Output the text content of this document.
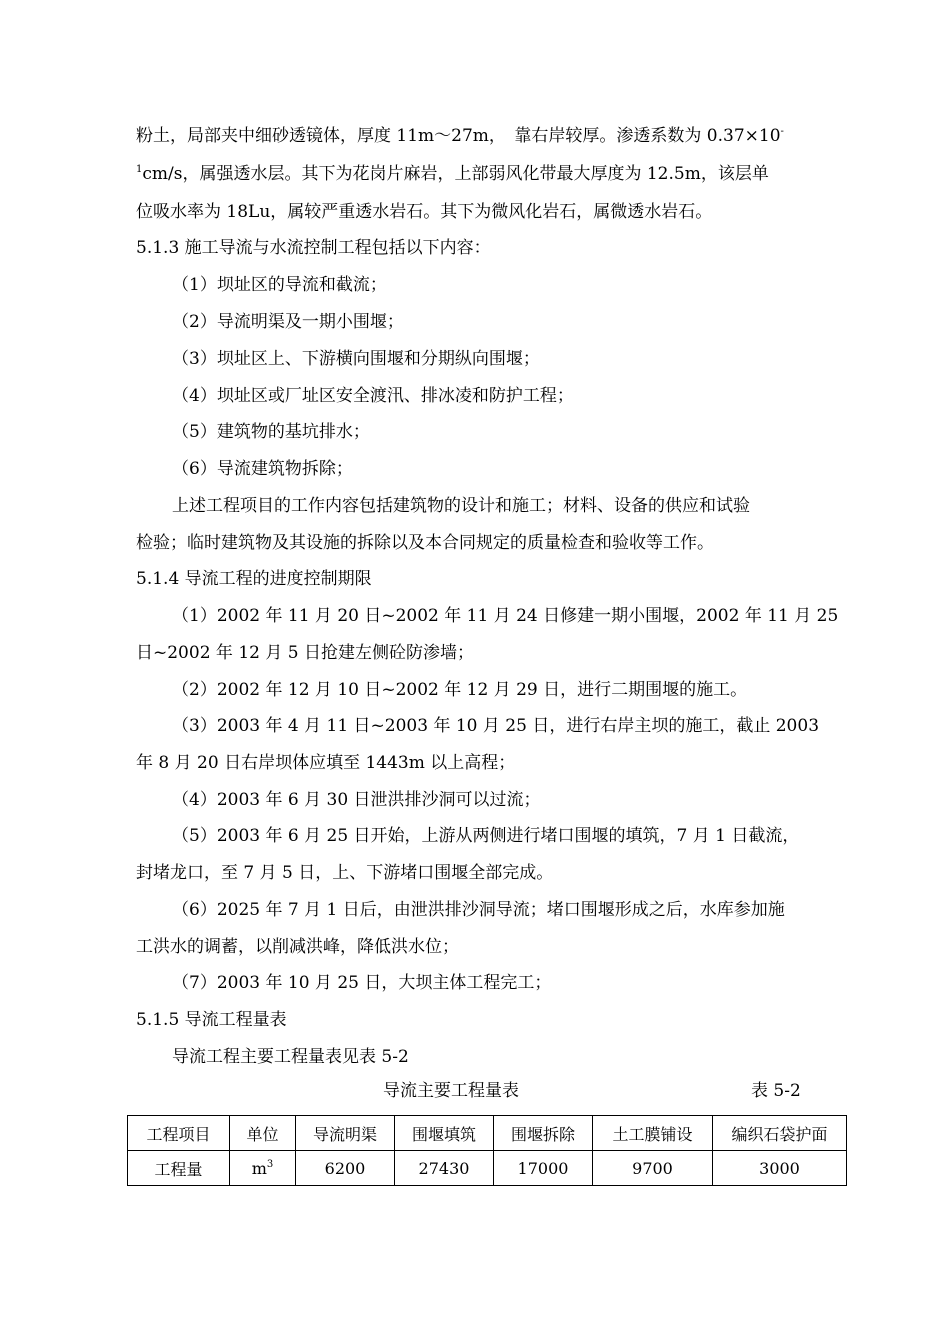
粉土，局部夹中细砂透镜体，厚度 11m～27m，　靠右岸较厚。渗透系数为 0.37×10-
$^1$cm/s，属强透水层。其下为花岗片麻岩，上部弱风化带最大厚度为 12.5m，该层单
位吸水率为 18Lu，属较严重透水岩石。其下为微风化岩石，属微透水岩石。
5.1.3 施工导流与水流控制工程包括以下内容：
（1）坝址区的导流和截流；
（2）导流明渠及一期小围堰；
（3）坝址区上、下游横向围堰和分期纵向围堰；
（4）坝址区或厂址区安全渡汛、排冰凌和防护工程；
（5）建筑物的基坑排水；
（6）导流建筑物拆除；
上述工程项目的工作内容包括建筑物的设计和施工；材料、设备的供应和试验
检验；临时建筑物及其设施的拆除以及本合同规定的质量检查和验收等工作。
5.1.4 导流工程的进度控制期限
（1）2002 年 11 月 20 日~2002 年 11 月 24 日修建一期小围堰，2002 年 11 月 25
日~2002 年 12 月 5 日抢建左侧砼防渗墙；
（2）2002 年 12 月 10 日~2002 年 12 月 29 日，进行二期围堰的施工。
（3）2003 年 4 月 11 日~2003 年 10 月 25 日，进行右岸主坝的施工，截止 2003
年 8 月 20 日右岸坝体应填至 1443m 以上高程；
（4）2003 年 6 月 30 日泄洪排沙洞可以过流；
（5）2003 年 6 月 25 日开始，上游从两侧进行堵口围堰的填筑，7 月 1 日截流，
封堵龙口，至 7 月 5 日，上、下游堵口围堰全部完成。
（6）2025 年 7 月 1 日后，由泄洪排沙洞导流；堵口围堰形成之后，水库参加施
工洪水的调蓄，以削减洪峰，降低洪水位；
（7）2003 年 10 月 25 日，大坝主体工程完工；
5.1.5 导流工程量表
导流工程主要工程量表见表 5-2
导流主要工程量表	表 5-2
工程项目	单位	导流明渠	围堰填筑	围堰拆除	土工膜铺设	编织石袋护面
工程量	$m^3$	6200	27430	17000	9700	3000
